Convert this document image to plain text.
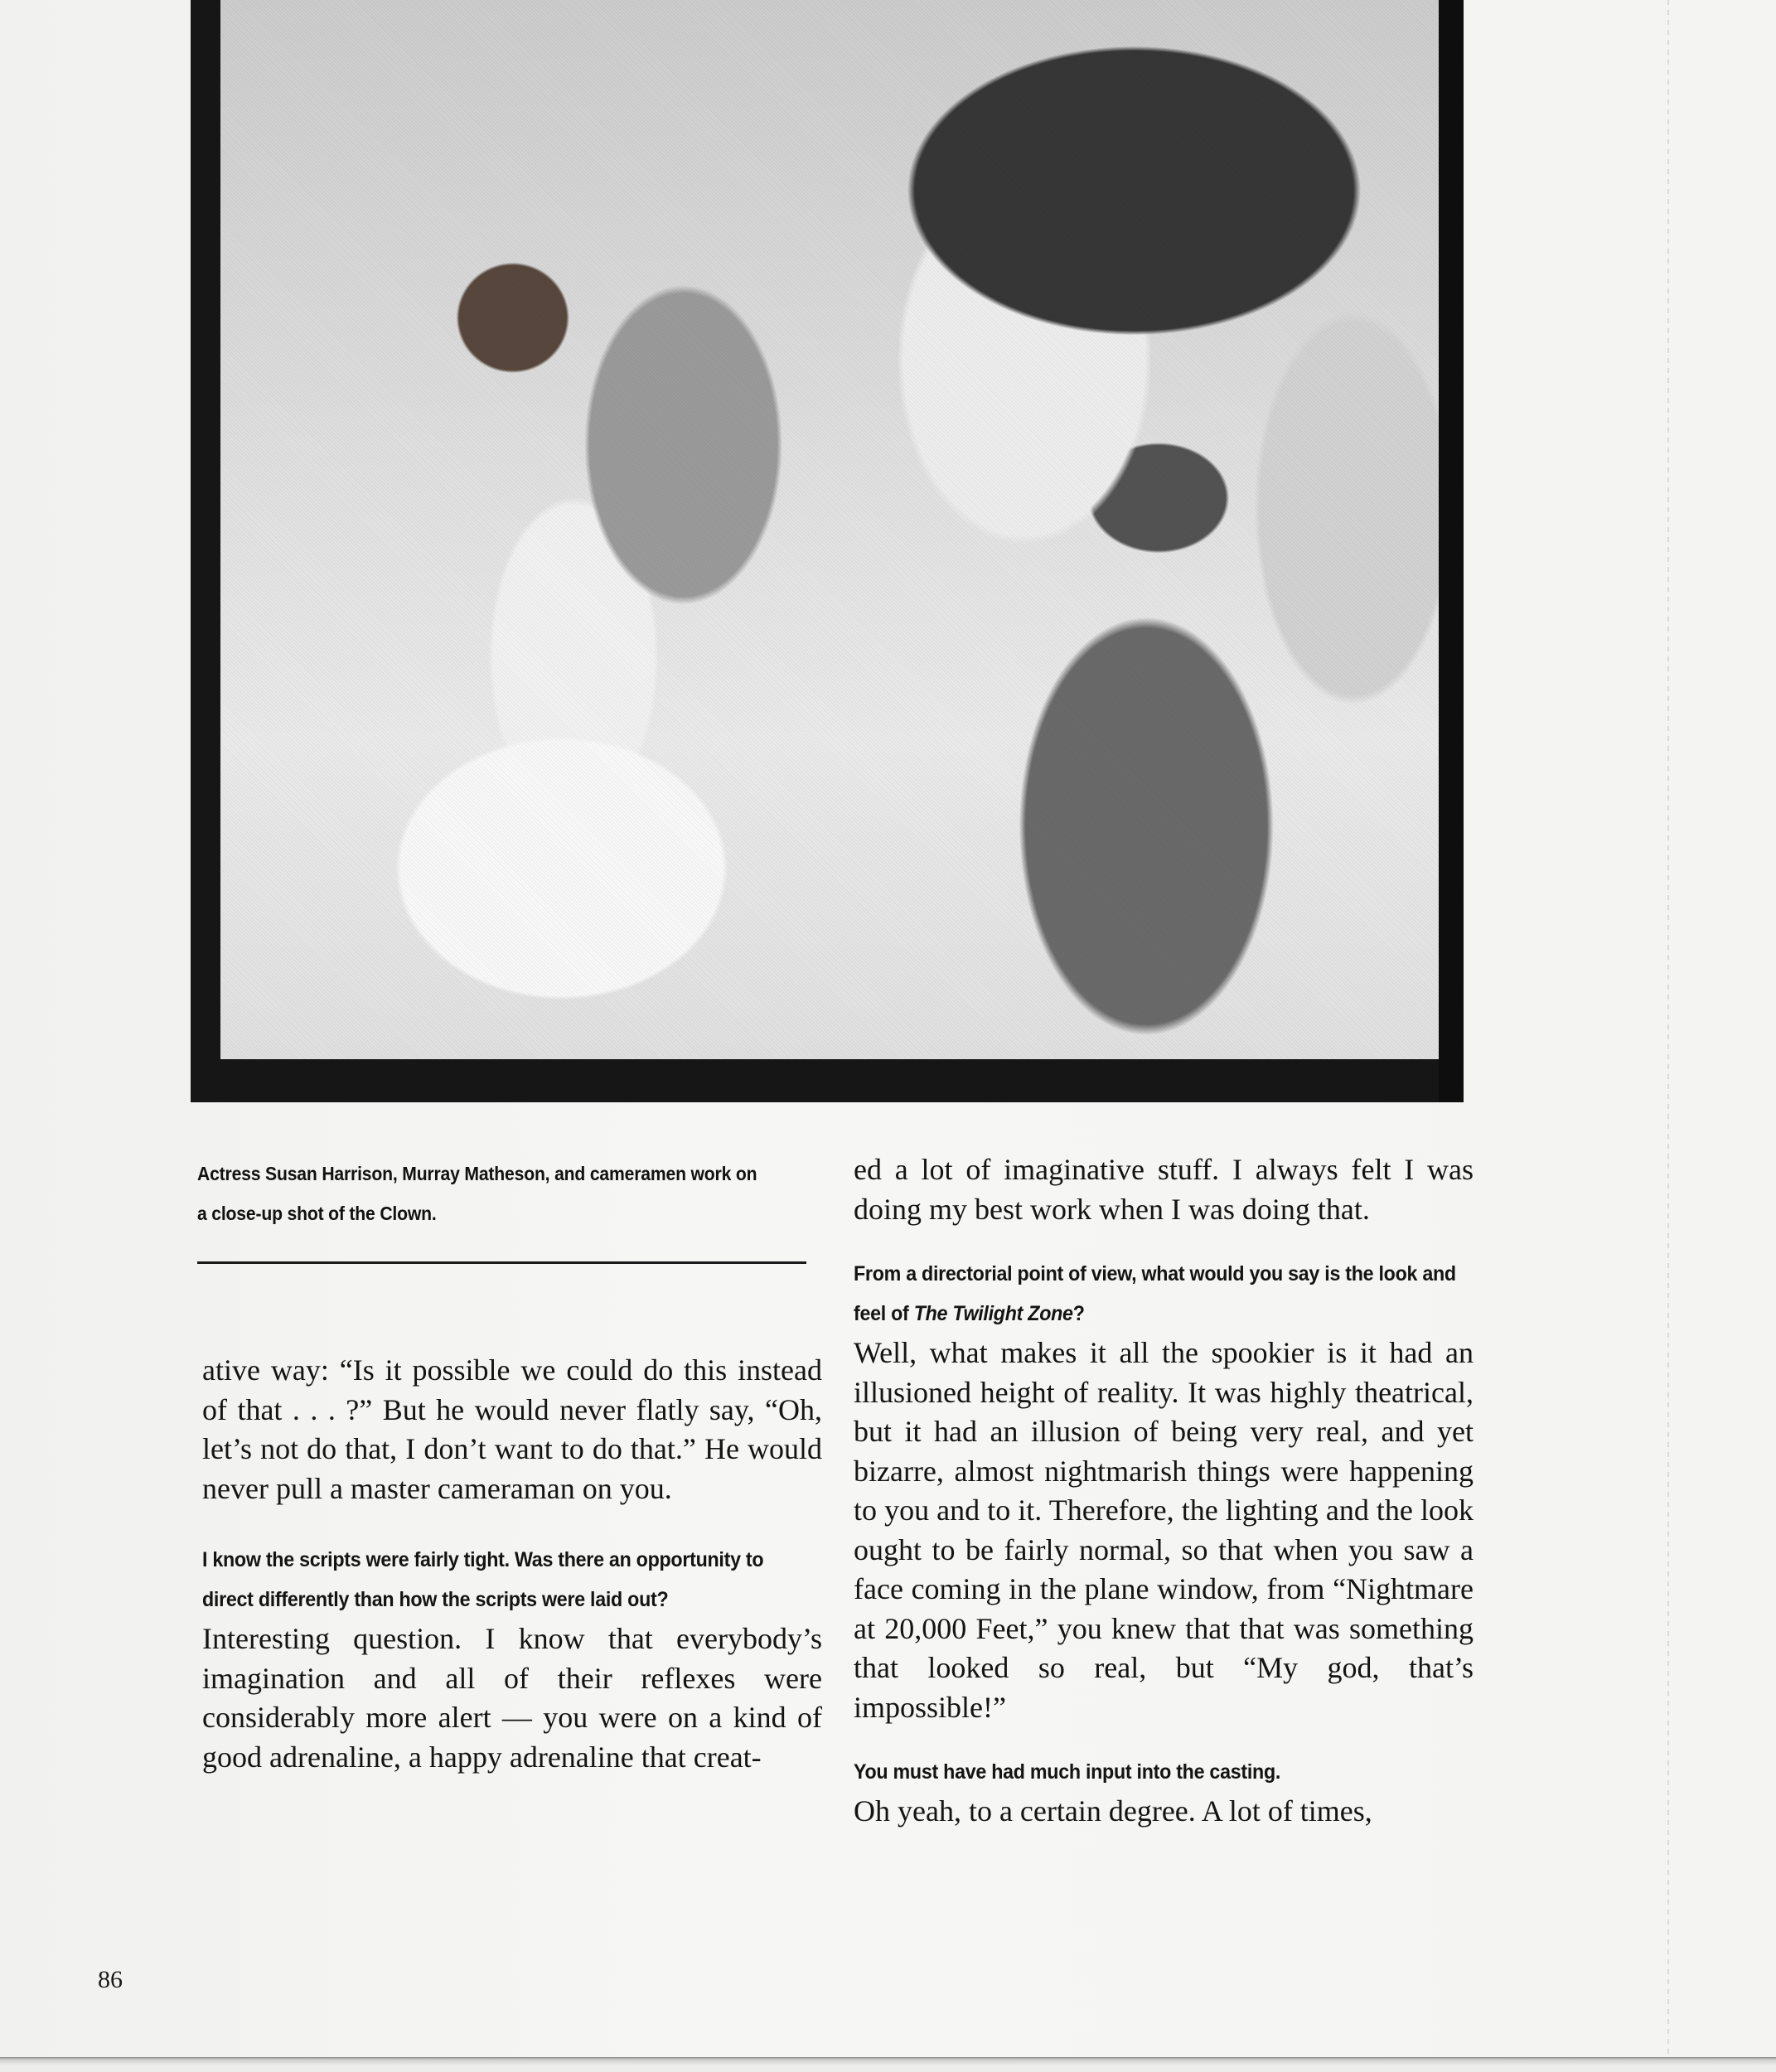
Actress Susan Harrison, Murray Matheson, and cameramen work on a close-up shot of the Clown.

ative way: “Is it possible we could do this instead of that . . . ?” But he would never flatly say, “Oh, let’s not do that, I don’t want to do that.” He would never pull a master cameraman on you.

I know the scripts were fairly tight. Was there an opportunity to direct differently than how the scripts were laid out?

Interesting question. I know that everybody’s imagination and all of their reflexes were considerably more alert — you were on a kind of good adrenaline, a happy adrenaline that creat-

ed a lot of imaginative stuff. I always felt I was doing my best work when I was doing that.

From a directorial point of view, what would you say is the look and feel of The Twilight Zone?

Well, what makes it all the spookier is it had an illusioned height of reality. It was highly theatrical, but it had an illusion of being very real, and yet bizarre, almost nightmarish things were happening to you and to it. Therefore, the lighting and the look ought to be fairly normal, so that when you saw a face coming in the plane window, from “Nightmare at 20,000 Feet,” you knew that that was something that looked so real, but “My god, that’s impossible!”

You must have had much input into the casting.

Oh yeah, to a certain degree. A lot of times,

86
